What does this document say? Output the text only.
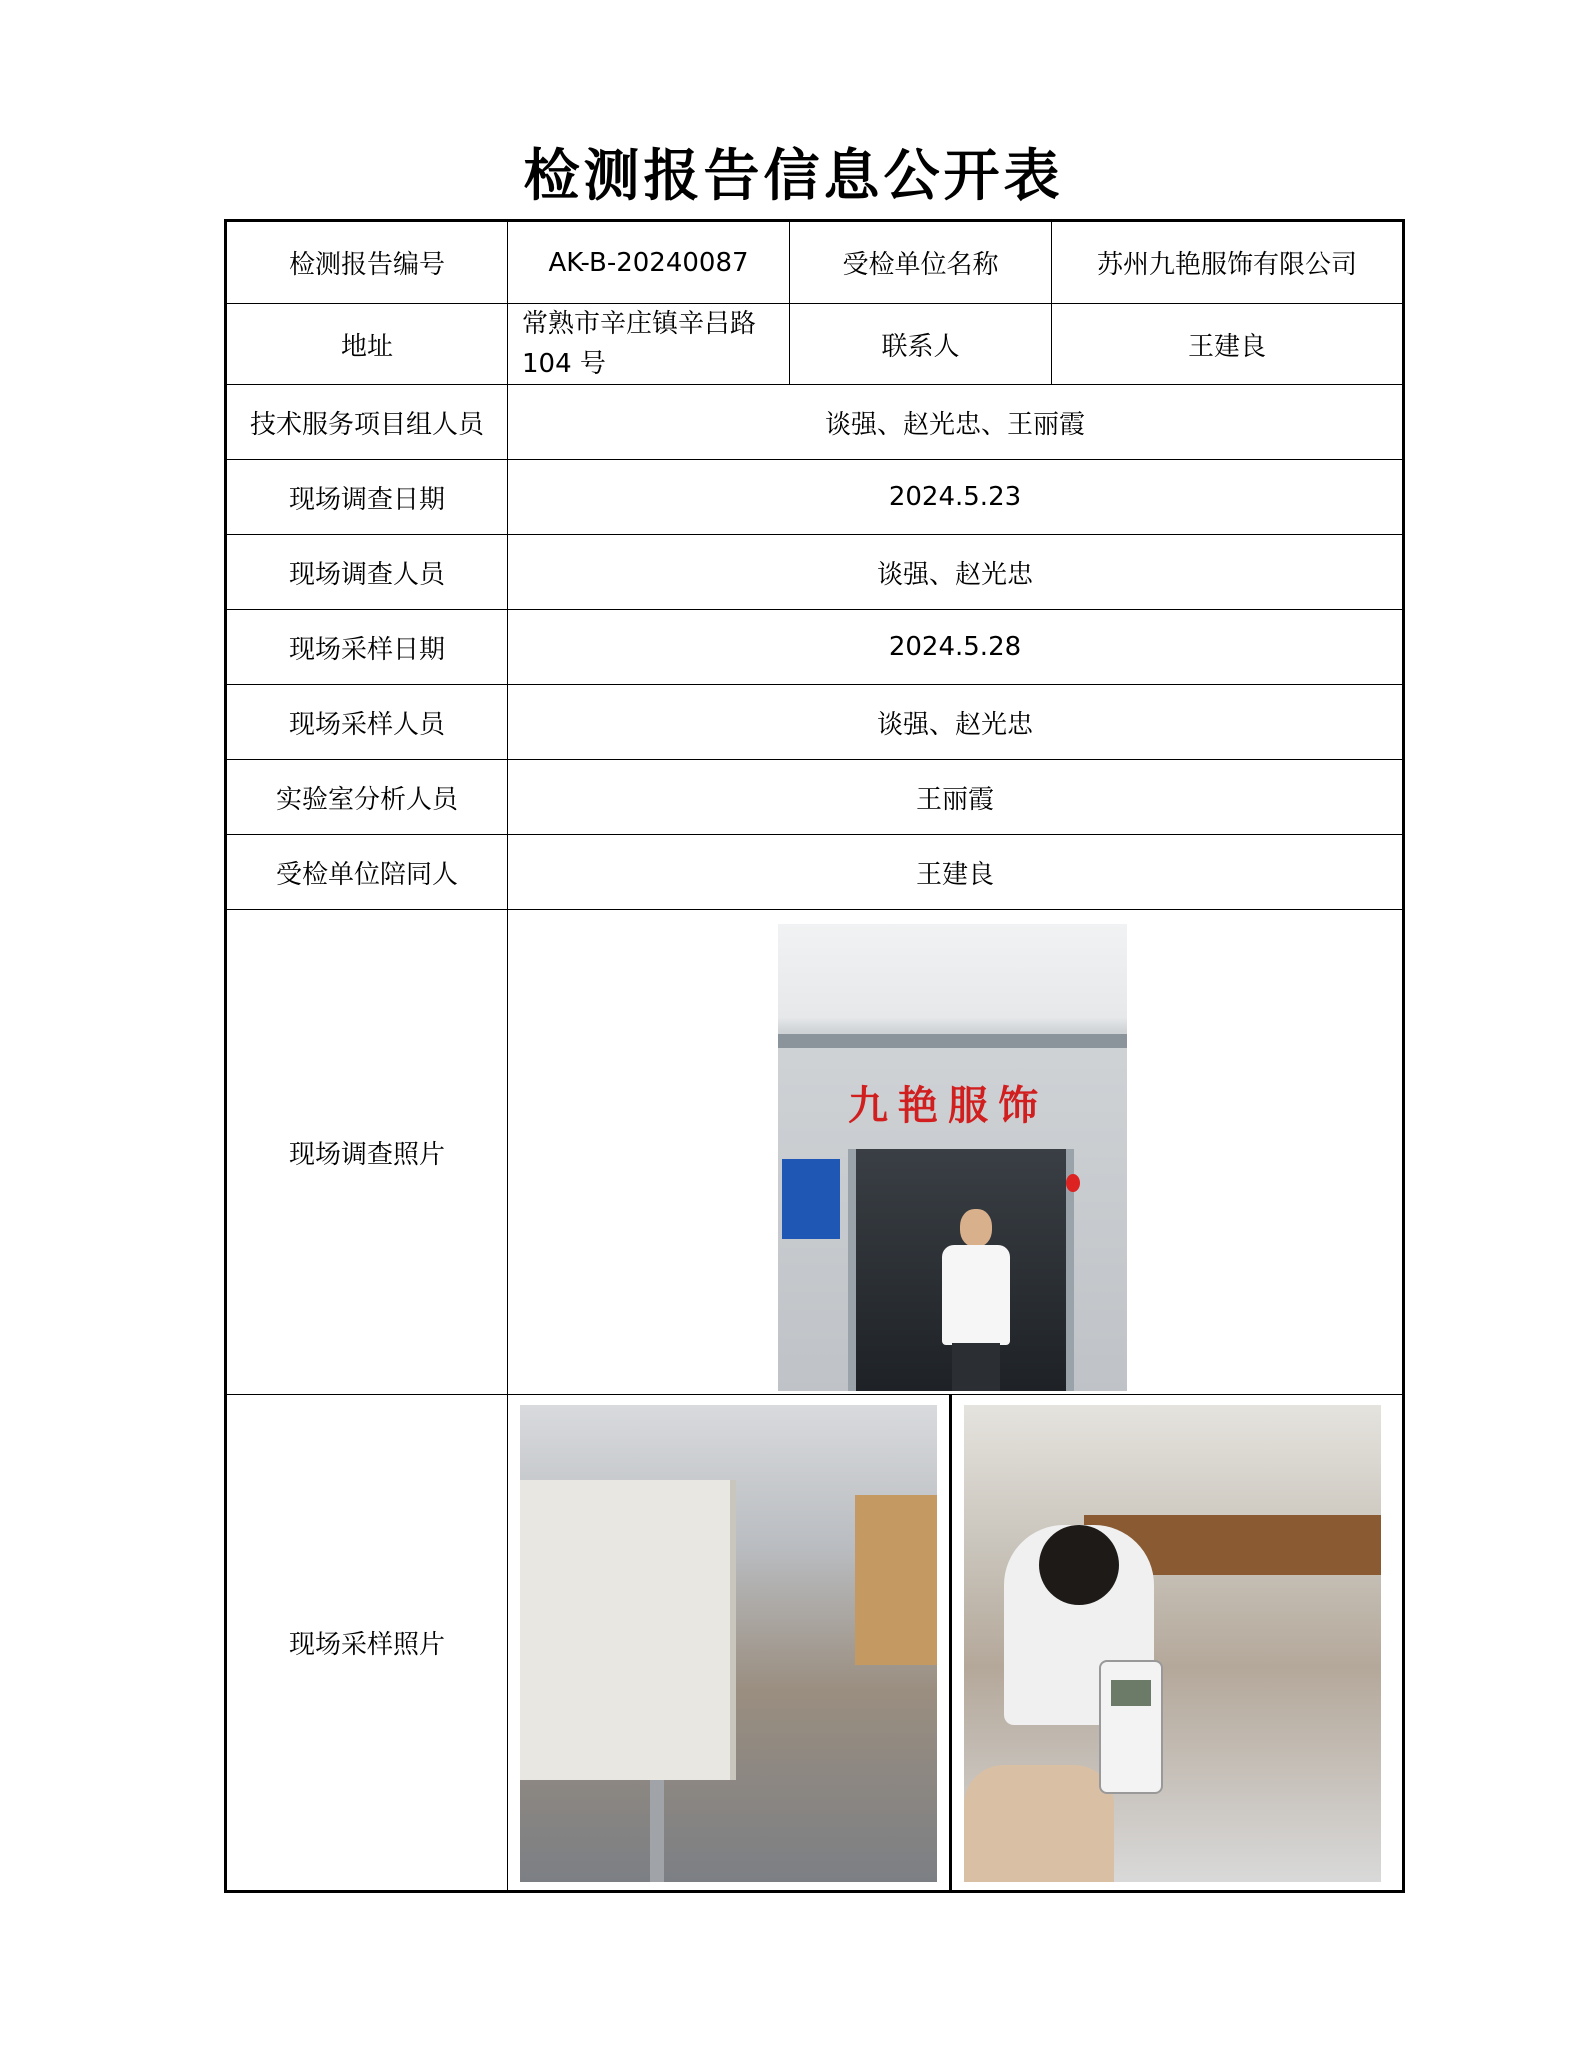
检测报告信息公开表
检测报告编号	AK-B-20240087	受检单位名称	苏州九艳服饰有限公司
地址	常熟市辛庄镇辛吕路 104 号	联系人	王建良
技术服务项目组人员	谈强、赵光忠、王丽霞		
现场调查日期	2024.5.23		
现场调查人员	谈强、赵光忠		
现场采样日期	2024.5.28		
现场采样人员	谈强、赵光忠		
实验室分析人员	王丽霞		
受检单位陪同人	王建良		
现场调查照片	九艳服饰		

现场采样照片			
